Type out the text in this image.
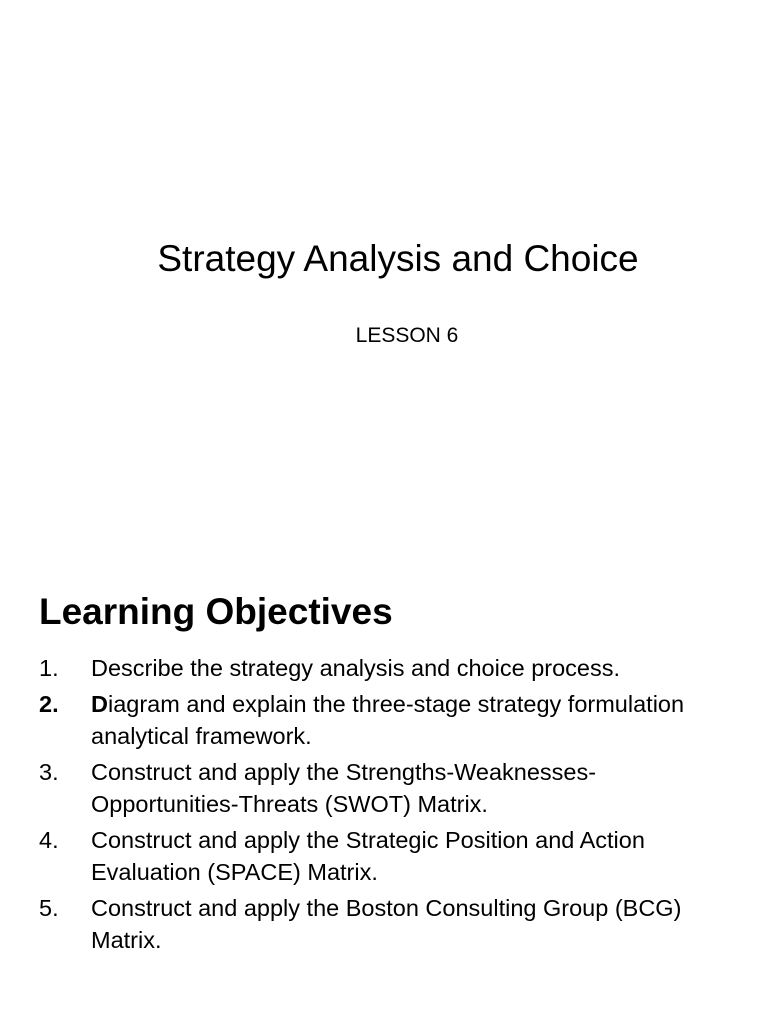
Strategy Analysis and Choice
LESSON 6
Learning Objectives
1.	Describe the strategy analysis and choice process.
2.	Diagram and explain the three-stage strategy formulation analytical framework.
3.	Construct and apply the Strengths-Weaknesses-Opportunities-Threats (SWOT) Matrix.
4.	Construct and apply the Strategic Position and Action Evaluation (SPACE) Matrix.
5.	Construct and apply the Boston Consulting Group (BCG) Matrix.
